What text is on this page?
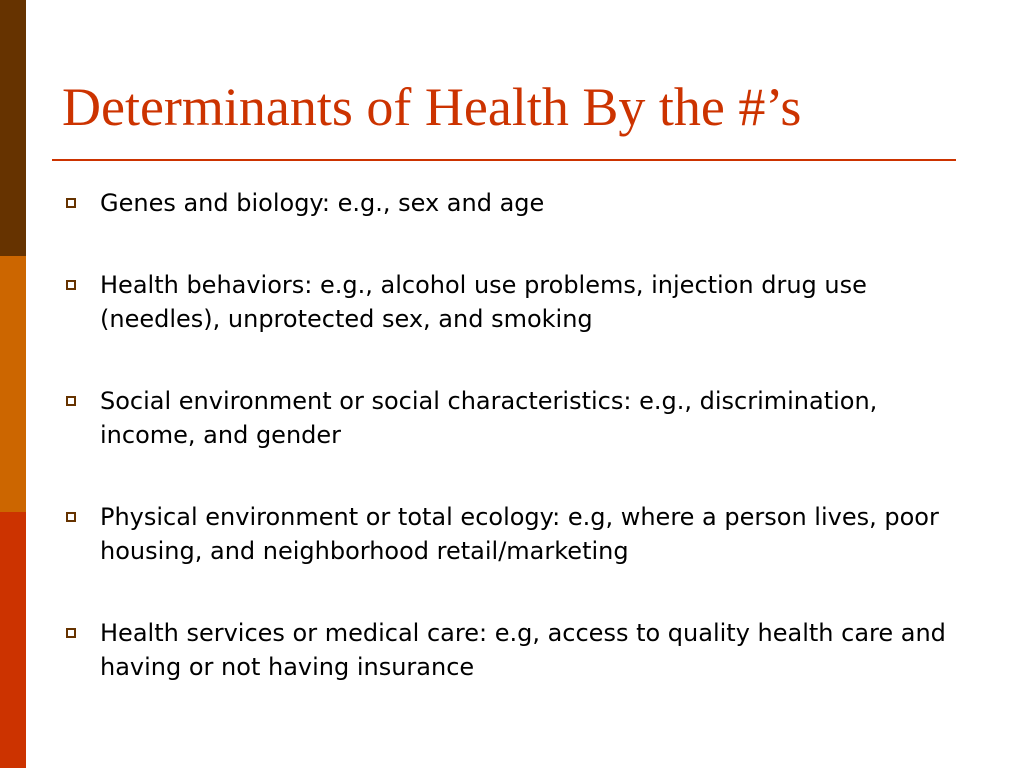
Determinants of Health By the #’s
Genes and biology: e.g., sex and age
Health behaviors: e.g., alcohol use problems, injection drug use (needles), unprotected sex, and smoking
Social environment or social characteristics: e.g., discrimination, income, and gender
Physical environment or total ecology: e.g, where a person lives, poor housing, and neighborhood retail/marketing
Health services or medical care: e.g, access to quality health care and having or not having insurance
